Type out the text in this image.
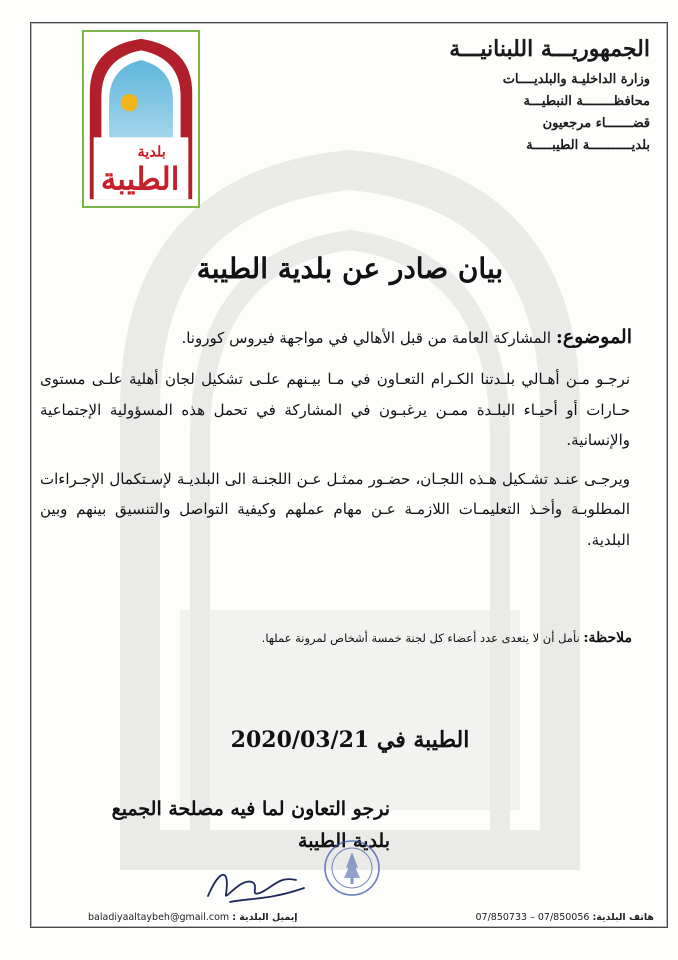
بلدية
الطيبة
الجمهوريـــة اللبنانيـــة
وزارة الداخليـة والبلديــــات
محافظــــــــة النبطيـــة
قضـــــــاء مرجعيون
بلديـــــــــــة الطيبـــــة
بيان صادر عن بلدية الطيبة
الموضوع: المشاركة العامة من قبل الأهالي في مواجهة فيروس كورونا.

نرجـو مـن أهـالي بلـدتنا الكـرام التعـاون في مـا بيـنهم علـى تشكيل لجان أهلية علـى مستوى حـارات أو أحيـاء البلـدة ممـن يرغبـون في المشاركة في تحمل هذه المسؤولية الإجتماعية والإنسانية.

ويرجـى عنـد تشـكيل هـذه اللجـان، حضـور ممثـل عـن اللجنـة الى البلديـة لإسـتكمال الإجـراءات المطلوبـة وأخـذ التعليمـات اللازمـة عـن مهام عملهم وكيفية التواصل والتنسيق بينهم وبين البلدية.

ملاحظة: نأمل أن لا يتعدى عدد أعضاء كل لجنة خمسة أشخاص لمرونة عملها.
الطيبة في 2020/03/21
نرجو التعاون لما فيه مصلحة الجميع
بلدية الطيبة
هاتف البلدية: 07/850056 – 07/850733
إيميل البلدية : baladiyaaltaybeh@gmail.com
